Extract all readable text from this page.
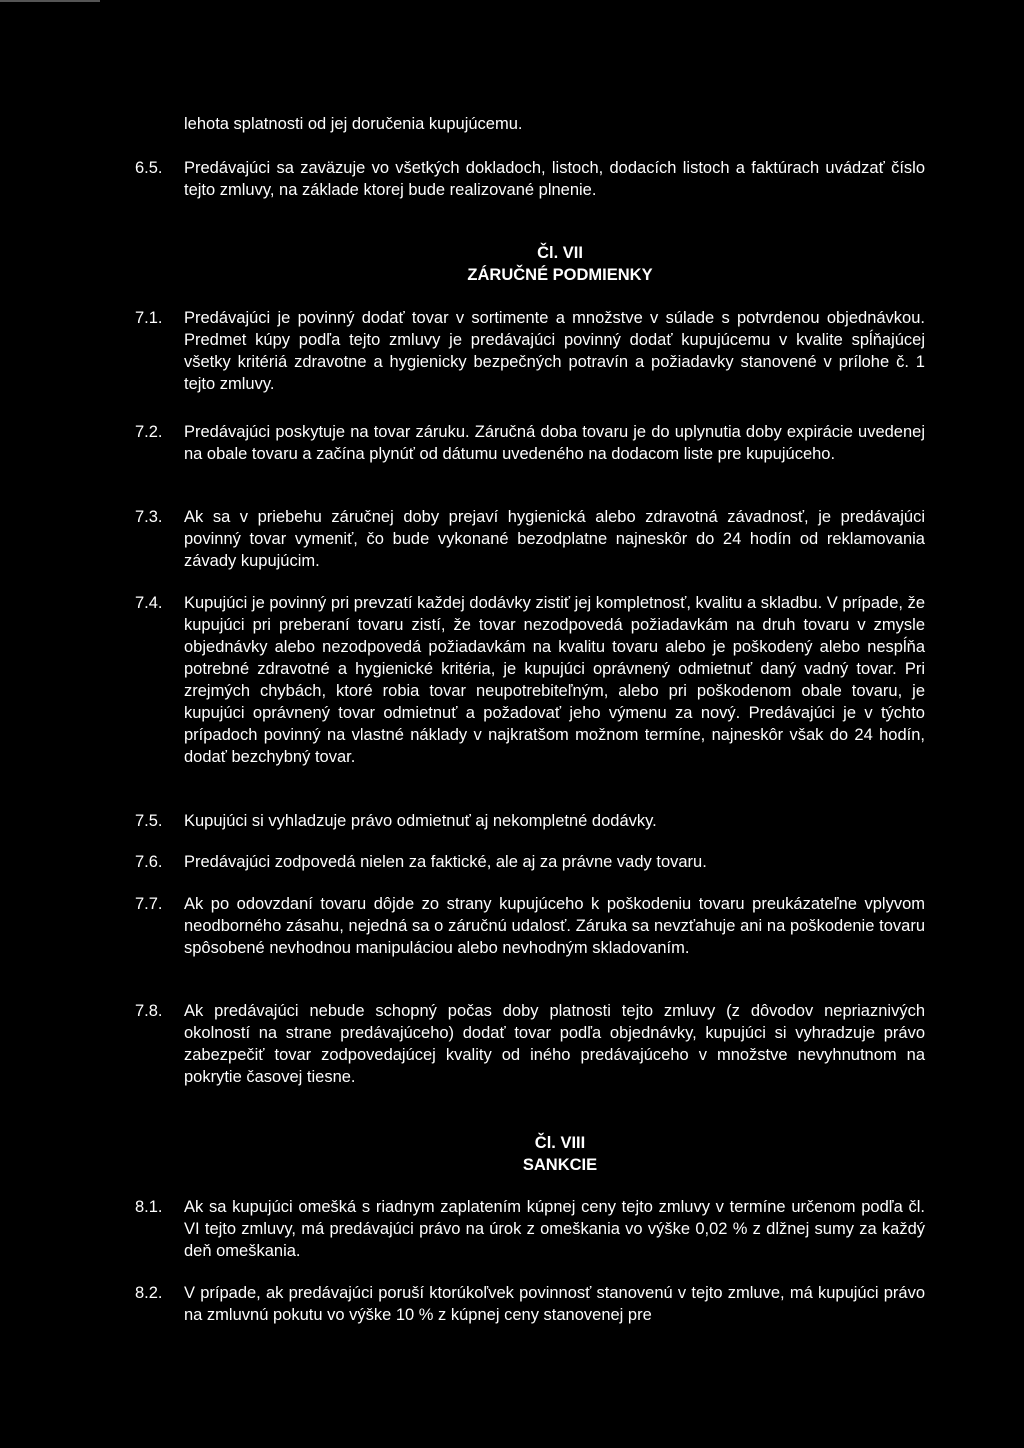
lehota splatnosti od jej doručenia kupujúcemu.
6.5.	Predávajúci sa zaväzuje vo všetkých dokladoch, listoch, dodacích listoch a faktúrach uvádzať číslo tejto zmluvy, na základe ktorej bude realizované plnenie.
Čl. VII
ZÁRUČNÉ PODMIENKY
7.1.	Predávajúci je povinný dodať tovar v sortimente a množstve v súlade s potvrdenou objednávkou. Predmet kúpy podľa tejto zmluvy je predávajúci povinný dodať kupujúcemu v kvalite spĺňajúcej všetky kritériá zdravotne a hygienicky bezpečných potravín a požiadavky stanovené v prílohe č. 1 tejto zmluvy.
7.2.	Predávajúci poskytuje na tovar záruku. Záručná doba tovaru je do uplynutia doby expirácie uvedenej na obale tovaru a začína plynúť od dátumu uvedeného na dodacom liste pre kupujúceho.
7.3.	Ak sa v priebehu záručnej doby prejaví hygienická alebo zdravotná závadnosť, je predávajúci povinný tovar vymeniť, čo bude vykonané bezodplatne najneskôr do 24 hodín od reklamovania závady kupujúcim.
7.4.	Kupujúci je povinný pri prevzatí každej dodávky zistiť jej kompletnosť, kvalitu a skladbu. V prípade, že kupujúci pri preberaní tovaru zistí, že tovar nezodpovedá požiadavkám na druh tovaru v zmysle objednávky alebo nezodpovedá požiadavkám na kvalitu tovaru alebo je poškodený alebo nespĺňa potrebné zdravotné a hygienické kritéria, je kupujúci oprávnený odmietnuť daný vadný tovar. Pri zrejmých chybách, ktoré robia tovar neupotrebiteľným, alebo pri poškodenom obale tovaru, je kupujúci oprávnený tovar odmietnuť a požadovať jeho výmenu za nový. Predávajúci je v týchto prípadoch povinný na vlastné náklady v najkratšom možnom termíne, najneskôr však do 24 hodín, dodať bezchybný tovar.
7.5.	Kupujúci si vyhladzuje právo odmietnuť aj nekompletné dodávky.
7.6.	Predávajúci zodpovedá nielen za faktické, ale aj za právne vady tovaru.
7.7.	Ak po odovzdaní tovaru dôjde zo strany kupujúceho k poškodeniu tovaru preukázateľne vplyvom neodborného zásahu, nejedná sa o záručnú udalosť. Záruka sa nevzťahuje ani na poškodenie tovaru spôsobené nevhodnou manipuláciou alebo nevhodným skladovaním.
7.8.	Ak predávajúci nebude schopný počas doby platnosti tejto zmluvy (z dôvodov nepriaznivých okolností na strane predávajúceho) dodať tovar podľa objednávky, kupujúci si vyhradzuje právo zabezpečiť tovar zodpovedajúcej kvality od iného predávajúceho v množstve nevyhnutnom na pokrytie časovej tiesne.
Čl. VIII
SANKCIE
8.1.	Ak sa kupujúci omešká s riadnym zaplatením kúpnej ceny tejto zmluvy v termíne určenom podľa čl. VI tejto zmluvy, má predávajúci právo na úrok z omeškania vo výške 0,02 % z dlžnej sumy za každý deň omeškania.
8.2.	V prípade, ak predávajúci poruší ktorúkoľvek povinnosť stanovenú v tejto zmluve, má kupujúci právo na zmluvnú pokutu vo výške 10 % z kúpnej ceny stanovenej pre
